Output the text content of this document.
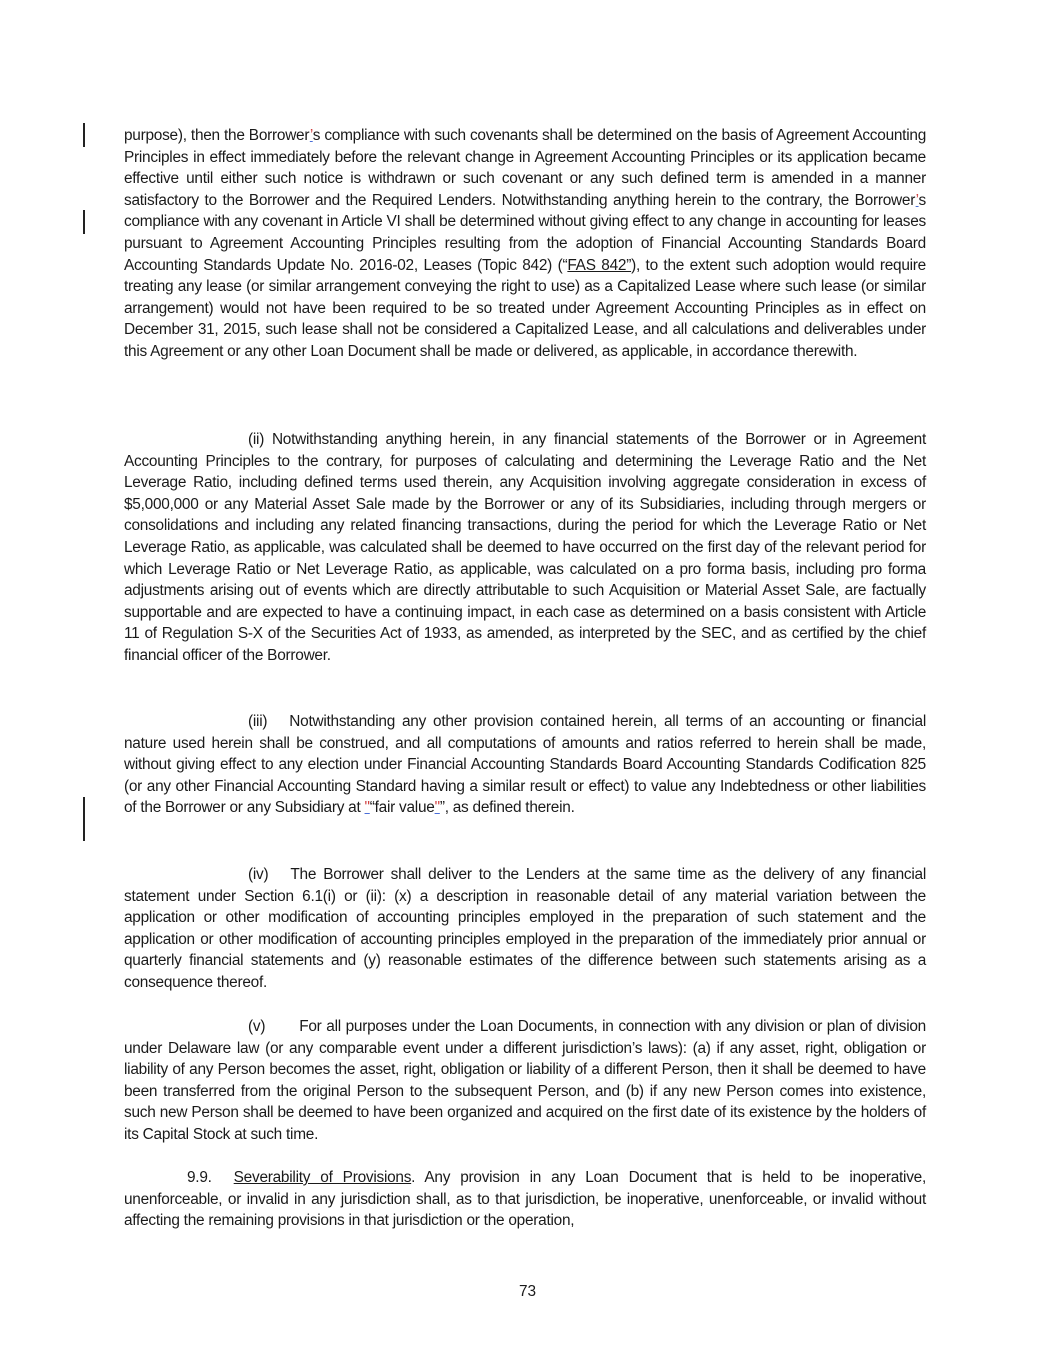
purpose), then the Borrower’s compliance with such covenants shall be determined on the basis of Agreement Accounting Principles in effect immediately before the relevant change in Agreement Accounting Principles or its application became effective until either such notice is withdrawn or such covenant or any such defined term is amended in a manner satisfactory to the Borrower and the Required Lenders. Notwithstanding anything herein to the contrary, the Borrower’s compliance with any covenant in Article VI shall be determined without giving effect to any change in accounting for leases pursuant to Agreement Accounting Principles resulting from the adoption of Financial Accounting Standards Board Accounting Standards Update No. 2016-02, Leases (Topic 842) (“FAS 842”), to the extent such adoption would require treating any lease (or similar arrangement conveying the right to use) as a Capitalized Lease where such lease (or similar arrangement) would not have been required to be so treated under Agreement Accounting Principles as in effect on December 31, 2015, such lease shall not be considered a Capitalized Lease, and all calculations and deliverables under this Agreement or any other Loan Document shall be made or delivered, as applicable, in accordance therewith.

(ii) Notwithstanding anything herein, in any financial statements of the Borrower or in Agreement Accounting Principles to the contrary, for purposes of calculating and determining the Leverage Ratio and the Net Leverage Ratio, including defined terms used therein, any Acquisition involving aggregate consideration in excess of $5,000,000 or any Material Asset Sale made by the Borrower or any of its Subsidiaries, including through mergers or consolidations and including any related financing transactions, during the period for which the Leverage Ratio or Net Leverage Ratio, as applicable, was calculated shall be deemed to have occurred on the first day of the relevant period for which Leverage Ratio or Net Leverage Ratio, as applicable, was calculated on a pro forma basis, including pro forma adjustments arising out of events which are directly attributable to such Acquisition or Material Asset Sale, are factually supportable and are expected to have a continuing impact, in each case as determined on a basis consistent with Article 11 of Regulation S-X of the Securities Act of 1933, as amended, as interpreted by the SEC, and as certified by the chief financial officer of the Borrower.

(iii) Notwithstanding any other provision contained herein, all terms of an accounting or financial nature used herein shall be construed, and all computations of amounts and ratios referred to herein shall be made, without giving effect to any election under Financial Accounting Standards Board Accounting Standards Codification 825 (or any other Financial Accounting Standard having a similar result or effect) to value any Indebtedness or other liabilities of the Borrower or any Subsidiary at "“fair value"”, as defined therein.

(iv) The Borrower shall deliver to the Lenders at the same time as the delivery of any financial statement under Section 6.1(i) or (ii): (x) a description in reasonable detail of any material variation between the application or other modification of accounting principles employed in the preparation of such statement and the application or other modification of accounting principles employed in the preparation of the immediately prior annual or quarterly financial statements and (y) reasonable estimates of the difference between such statements arising as a consequence thereof.

(v) For all purposes under the Loan Documents, in connection with any division or plan of division under Delaware law (or any comparable event under a different jurisdiction’s laws): (a) if any asset, right, obligation or liability of any Person becomes the asset, right, obligation or liability of a different Person, then it shall be deemed to have been transferred from the original Person to the subsequent Person, and (b) if any new Person comes into existence, such new Person shall be deemed to have been organized and acquired on the first date of its existence by the holders of its Capital Stock at such time.

9.9. Severability of Provisions. Any provision in any Loan Document that is held to be inoperative, unenforceable, or invalid in any jurisdiction shall, as to that jurisdiction, be inoperative, unenforceable, or invalid without affecting the remaining provisions in that jurisdiction or the operation,

73
